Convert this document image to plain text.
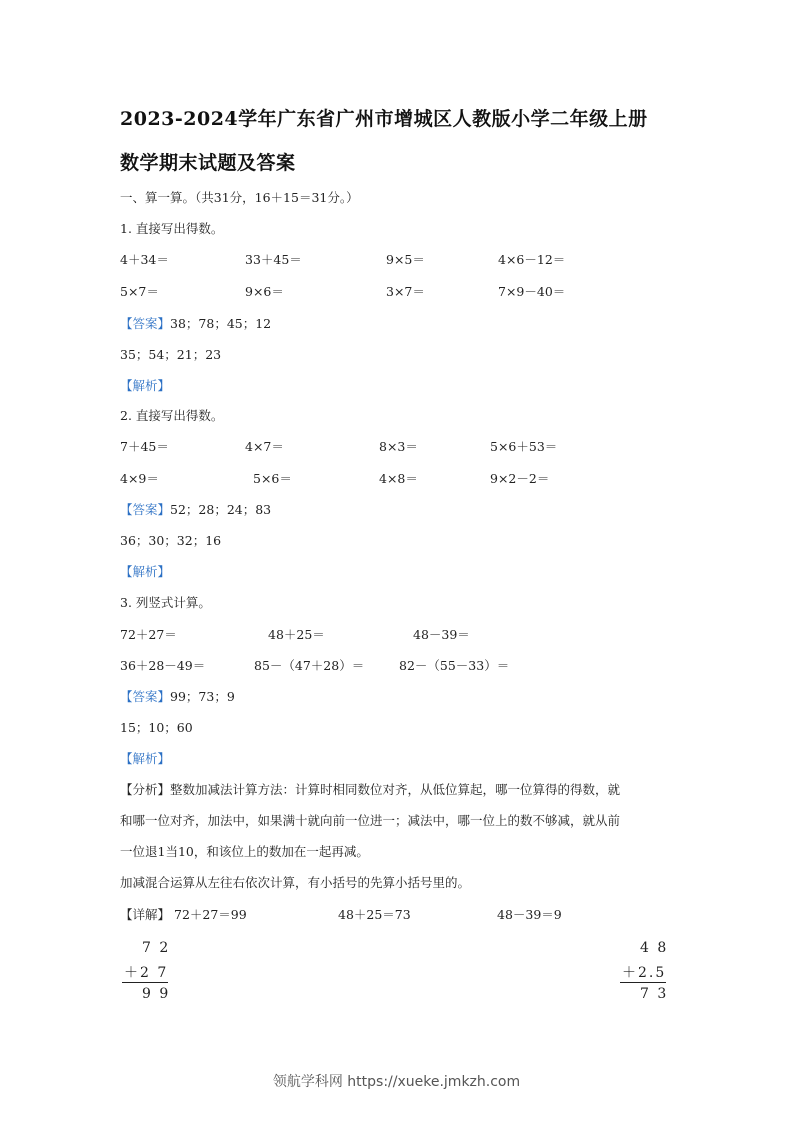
2023-2024学年广东省广州市增城区人教版小学二年级上册
数学期末试题及答案
一、算一算。（共31分，16＋15＝31分。）
1. 直接写出得数。
4＋34＝	33＋45＝	9×5＝	4×6－12＝
5×7＝	9×6＝	3×7＝	7×9－40＝
【答案】38；78；45；12
35；54；21；23
【解析】
2. 直接写出得数。
7＋45＝	4×7＝	8×3＝	5×6＋53＝
4×9＝	5×6＝	4×8＝	9×2－2＝
【答案】52；28；24；83
36；30；32；16
【解析】
3. 列竖式计算。
72＋27＝	48＋25＝	48－39＝
36＋28－49＝	85－（47＋28）＝	82－（55－33）＝
【答案】99；73；9
15；10；60
【解析】
【分析】整数加减法计算方法：计算时相同数位对齐，从低位算起，哪一位算得的得数，就
和哪一位对齐，加法中，如果满十就向前一位进一；减法中，哪一位上的数不够减，就从前
一位退1当10，和该位上的数加在一起再减。
加减混合运算从左往右依次计算，有小括号的先算小括号里的。
【详解】 72＋27＝99	48＋25＝73	48－39＝9
7 2
＋2 7
9 9
4 8
＋2.5
7 3
领航学科网 https://xueke.jmkzh.com
